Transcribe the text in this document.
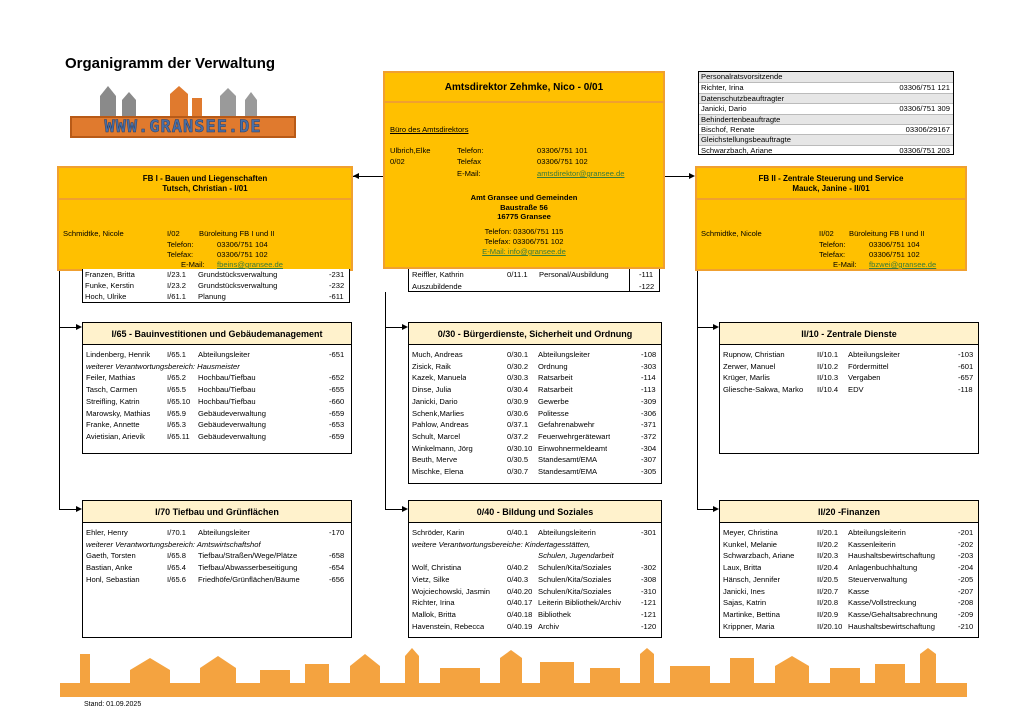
Organigramm der Verwaltung
WWW.GRANSEE.DE
Amtsdirektor Zehmke, Nico - 0/01
Büro des Amtsdirektors
Ulbrich,Elke	Telefon:	03306/751 101
0/02	Telefax	03306/751 102
E-Mail:	amtsdirektor@gransee.de
Amt Gransee und Gemeinden
Baustraße 56
16775 Gransee
Telefon: 03306/751 115
Telefax: 03306/751 102
E-Mail: info@gransee.de
Reiffler, Kathrin	0/11.1 Personal/Ausbildung	-111
Auszubildende	-122
Personalratsvorsitzende
Richter, Irina	03306/751 121
Datenschutzbeauftragter
Janicki, Dario	03306/751 309
Behindertenbeauftragte
Bischof, Renate	03306/29167
Gleichstellungsbeauftragte
Schwarzbach, Ariane	03306/751 203
FB I - Bauen und Liegenschaften
Tutsch, Christian - I/01
Schmidtke, Nicole	I/02	Büroleitung FB I und II
Telefon:	03306/751 104
Telefax:	03306/751 102
E-Mail: fbeins@gransee.de
Franzen, Britta	I/23.1 Grundstücksverwaltung	-231
Funke, Kerstin	I/23.2 Grundstücksverwaltung	-232
Hoch, Ulrike	I/61.1 Planung	-611
FB II - Zentrale Steuerung und Service
Mauck, Janine - II/01
Schmidtke, Nicole	II/02 Büroleitung FB I und II
Telefon:	03306/751 104
Telefax:	03306/751 102
E-Mail: fbzwei@gransee.de
I/65 - Bauinvestitionen und Gebäudemanagement
Lindenberg, Henrik I/65.1 Abteilungsleiter	-651
weiterer Verantwortungsbereich: Hausmeister
Feiler, Mathias	I/65.2 Hochbau/Tiefbau	-652
Tasch, Carmen	I/65.5 Hochbau/Tiefbau	-655
Streifling, Katrin	I/65.10 Hochbau/Tiefbau	-660
Marowsky, Mathias I/65.9 Gebäudeverwaltung	-659
Franke, Annette	I/65.3 Gebäudeverwaltung	-653
Avietisian, Arievik	I/65.11 Gebäudeverwaltung	-659
0/30 - Bürgerdienste, Sicherheit und Ordnung
Much, Andreas	0/30.1 Abteilungsleiter	-108
Zisick, Raik	0/30.2 Ordnung	-303
Kazek, Manuela	0/30.3 Ratsarbeit	-114
Dinse, Julia	0/30.4 Ratsarbeit	-113
Janicki, Dario	0/30.9 Gewerbe	-309
Schenk,Marlies	0/30.6 Politesse	-306
Pahlow, Andreas	0/37.1 Gefahrenabwehr	-371
Schult, Marcel	0/37.2 Feuerwehrgerätewart	-372
Winkelmann, Jörg	0/30.10 Einwohnermeldeamt	-304
Beuth, Merve	0/30.5 Standesamt/EMA	-307
Mischke, Elena	0/30.7 Standesamt/EMA	-305
II/10 - Zentrale Dienste
Rupnow, Christian	II/10.1 Abteilungsleiter	-103
Zerwer, Manuel	II/10.2 Fördermittel	-601
Krüger, Marlis	II/10.3 Vergaben	-657
Gliesche-Sakwa, Marko II/10.4 EDV	-118
I/70 Tiefbau und Grünflächen
Ehler, Henry	I/70.1 Abteilungsleiter	-170
weiterer Verantwortungsbereich: Amtswirtschaftshof
Gaeth, Torsten	I/65.8 Tiefbau/Straßen/Wege/Plätze	-658
Bastian, Anke	I/65.4 Tiefbau/Abwasserbeseitigung	-654
Honl, Sebastian	I/65.6 Friedhöfe/Grünflächen/Bäume	-656
0/40 - Bildung und Soziales
Schröder, Karin	0/40.1 Abteilungsleiterin	-301
weitere Verantwortungsbereiche: Kindertagesstätten,
Schulen, Jugendarbeit
Wolf, Christina	0/40.2 Schulen/Kita/Soziales	-302
Vietz, Silke	0/40.3 Schulen/Kita/Soziales	-308
Wojciechowski, Jasmin 0/40.20 Schulen/Kita/Soziales	-310
Richter, Irina	0/40.17 Leiterin Bibliothek/Archiv	-121
Mallok, Britta	0/40.18 Bibliothek	-121
Havenstein, Rebecca	0/40.19 Archiv	-120
II/20 -Finanzen
Meyer, Christina	II/20.1 Abteilungsleiterin	-201
Kunkel, Melanie	II/20.2 Kassenleiterin	-202
Schwarzbach, Ariane	II/20.3 Haushaltsbewirtschaftung	-203
Laux, Britta	II/20.4 Anlagenbuchhaltung	-204
Hänsch, Jennifer	II/20.5 Steuerverwaltung	-205
Janicki, Ines	II/20.7 Kasse	-207
Sajas, Katrin	II/20.8 Kasse/Vollstreckung	-208
Martinke, Bettina	II/20.9 Kasse/Gehaltsabrechnung	-209
Krippner, Maria	II/20.10 Haushaltsbewirtschaftung	-210
Stand: 01.09.2025
